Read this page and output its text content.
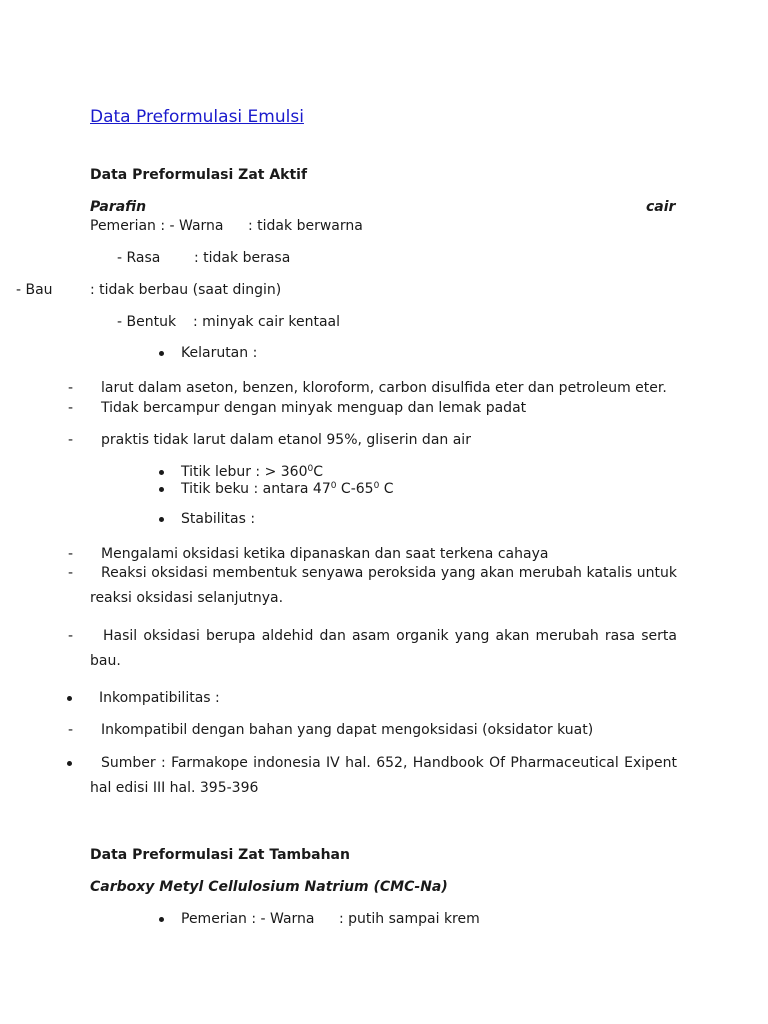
Data Preformulasi Emulsi
Data Preformulasi Zat Aktif
Parafin	cair
Pemerian : - Warna : tidak berwarna
- Rasa : tidak berasa
- Bau	: tidak berbau (saat dingin)
- Bentuk : minyak cair kentaal
Kelarutan :
- larut dalam aseton, benzen, kloroform, carbon disulfida eter dan petroleum eter.
- Tidak bercampur dengan minyak menguap dan lemak padat
- praktis tidak larut dalam etanol 95%, gliserin dan air
Titik lebur : > $360^0C$
Titik beku : antara $47^0$ $C-65^0$ C
Stabilitas :
- Mengalami oksidasi ketika dipanaskan dan saat terkena cahaya
- Reaksi oksidasi membentuk senyawa peroksida yang akan merubah katalis untuk
reaksi oksidasi selanjutnya.
- Hasil oksidasi berupa aldehid dan asam organik yang akan merubah rasa serta
bau.
Inkompatibilitas :
- Inkompatibil dengan bahan yang dapat mengoksidasi (oksidator kuat)
Sumber : Farmakope indonesia IV hal. 652, Handbook Of Pharmaceutical Exipent
hal edisi III hal. 395-396
Data Preformulasi Zat Tambahan
Carboxy Metyl Cellulosium Natrium (CMC-Na)
Pemerian : - Warna : putih sampai krem
